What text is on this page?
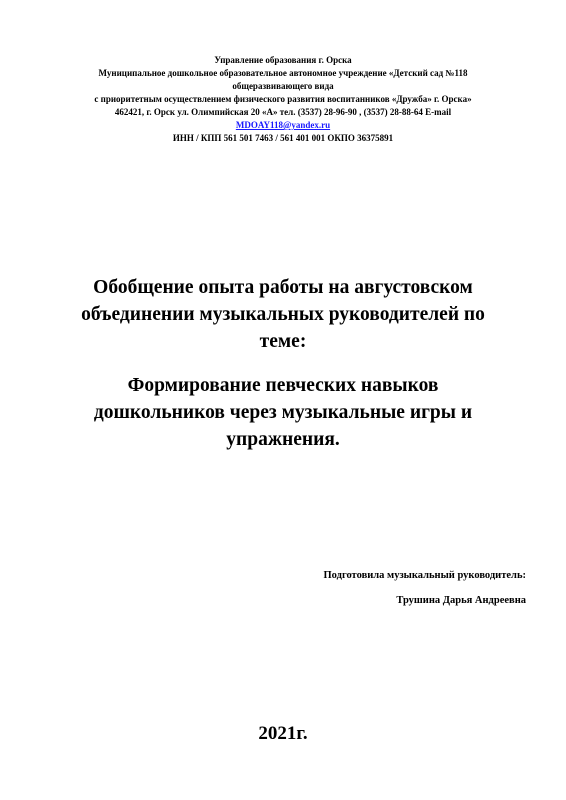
Управление образования г. Орска
Муниципальное дошкольное образовательное автономное учреждение «Детский сад №118
общеразвивающего вида
с приоритетным осуществлением физического развития воспитанников «Дружба» г. Орска»
462421, г. Орск ул. Олимпийская 20 «А» тел. (3537) 28-96-90 , (3537) 28-88-64 E-mail
MDOAY118@yandex.ru
ИНН / КПП 561 501 7463 / 561 401 001 ОКПО 36375891
Обобщение опыта работы на августовском объединении музыкальных руководителей по теме:
Формирование певческих навыков дошкольников через музыкальные игры и упражнения.
Подготовила музыкальный руководитель:
Трушина Дарья Андреевна
2021г.
